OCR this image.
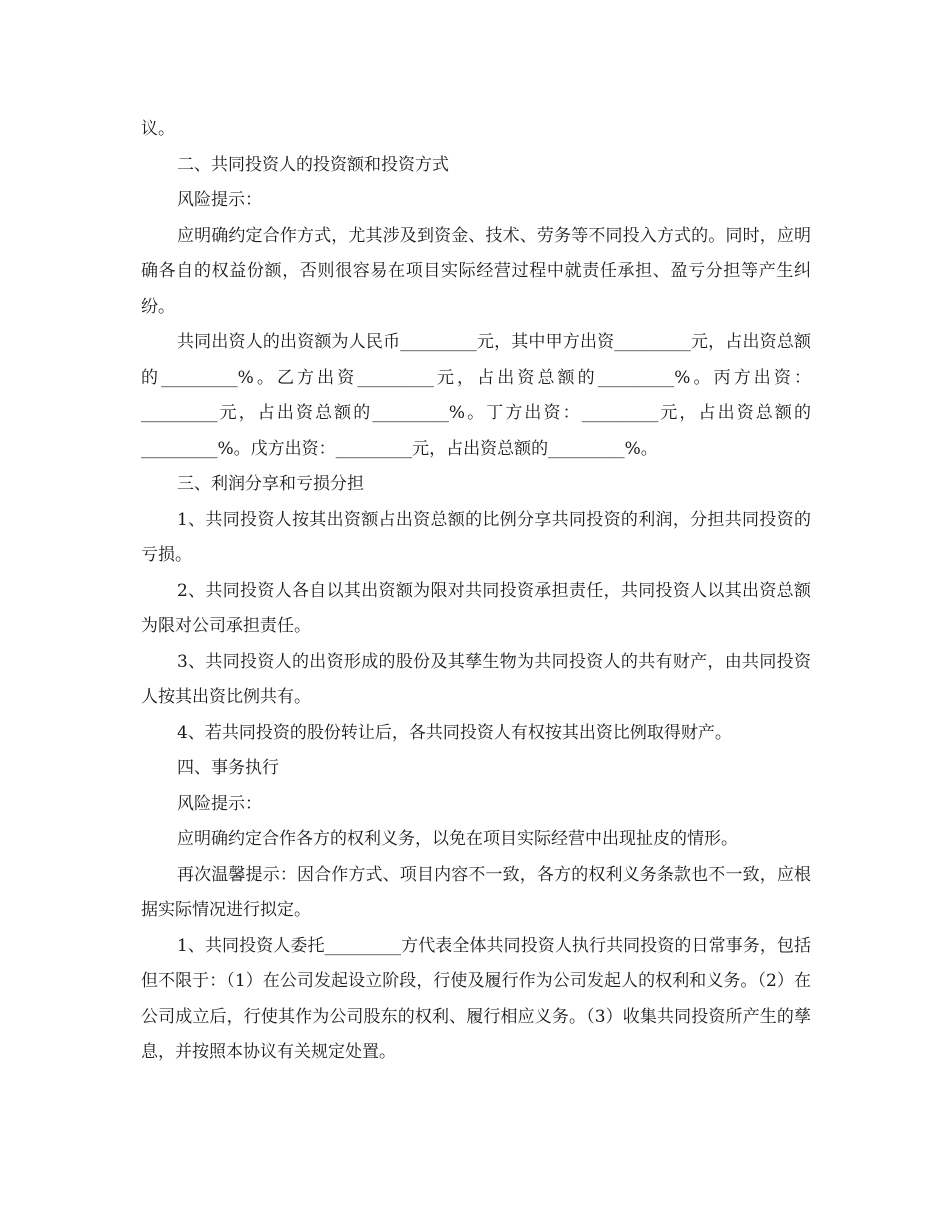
议。

二、共同投资人的投资额和投资方式

风险提示：

应明确约定合作方式，尤其涉及到资金、技术、劳务等不同投入方式的。同时，应明确各自的权益份额，否则很容易在项目实际经营过程中就责任承担、盈亏分担等产生纠纷。

共同出资人的出资额为人民币_________元，其中甲方出资_________元，占出资总额的_________%。乙方出资_________元，占出资总额的_________%。丙方出资：_________元，占出资总额的_________%。丁方出资：_________元，占出资总额的_________%。戊方出资：_________元，占出资总额的_________%。

三、利润分享和亏损分担

1、共同投资人按其出资额占出资总额的比例分享共同投资的利润，分担共同投资的亏损。

2、共同投资人各自以其出资额为限对共同投资承担责任，共同投资人以其出资总额为限对公司承担责任。

3、共同投资人的出资形成的股份及其孳生物为共同投资人的共有财产，由共同投资人按其出资比例共有。

4、若共同投资的股份转让后，各共同投资人有权按其出资比例取得财产。

四、事务执行

风险提示：

应明确约定合作各方的权利义务，以免在项目实际经营中出现扯皮的情形。

再次温馨提示：因合作方式、项目内容不一致，各方的权利义务条款也不一致，应根据实际情况进行拟定。

1、共同投资人委托_________方代表全体共同投资人执行共同投资的日常事务，包括但不限于：（1）在公司发起设立阶段，行使及履行作为公司发起人的权利和义务。（2）在公司成立后，行使其作为公司股东的权利、履行相应义务。（3）收集共同投资所产生的孳息，并按照本协议有关规定处置。
